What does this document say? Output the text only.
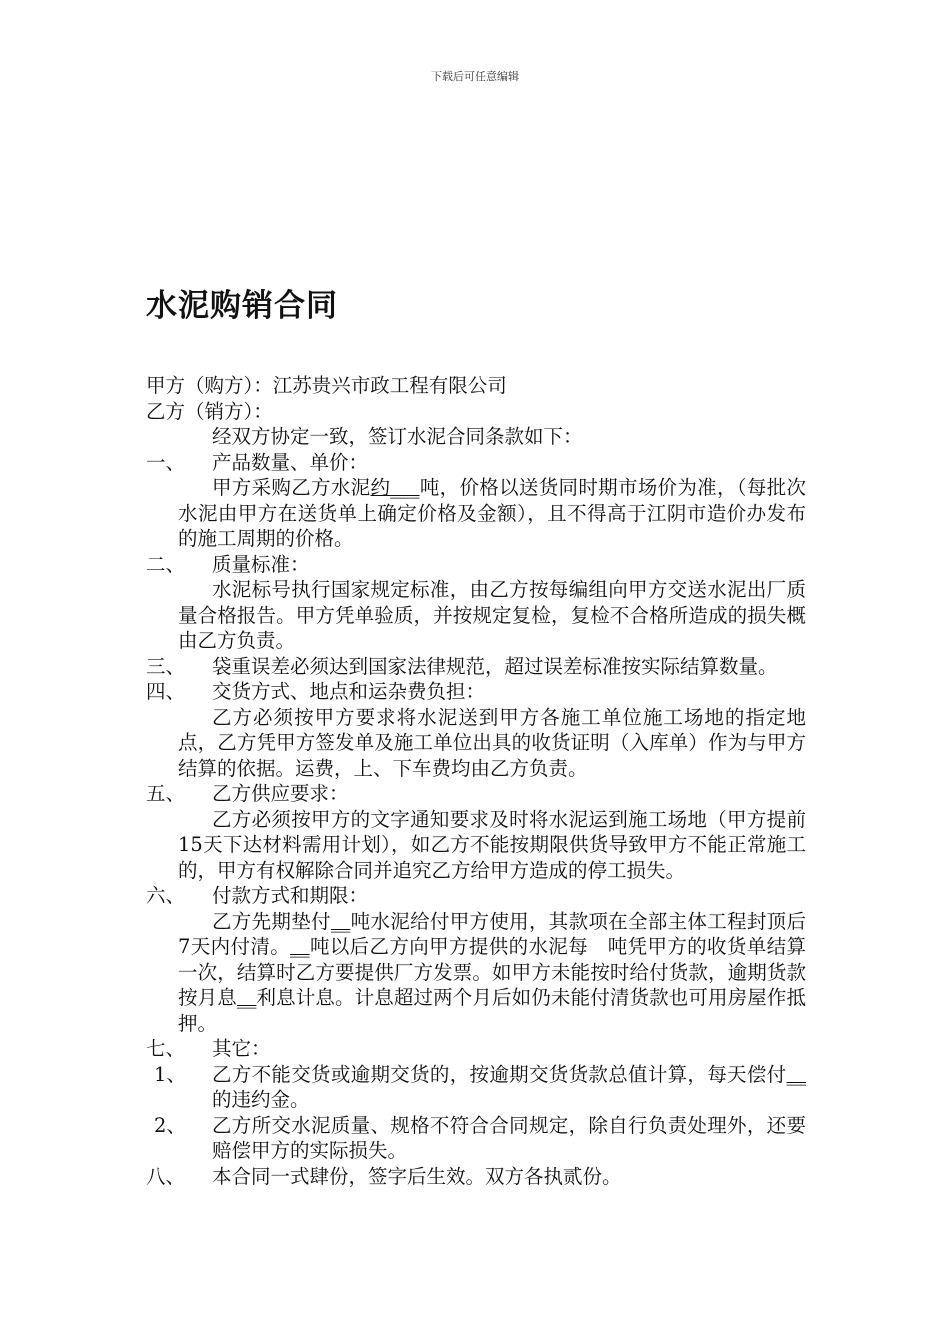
下载后可任意编辑
水泥购销合同

甲方（购方）：江苏贵兴市政工程有限公司

乙方（销方）：

经双方协定一致，签订水泥合同条款如下：

一、	产品数量、单价：

甲方采购乙方水泥约___吨，价格以送货同时期市场价为准，（每批次水泥由甲方在送货单上确定价格及金额），且不得高于江阴市造价办发布的施工周期的价格。

二、	质量标准：

水泥标号执行国家规定标准，由乙方按每编组向甲方交送水泥出厂质量合格报告。甲方凭单验质，并按规定复检，复检不合格所造成的损失概由乙方负责。

三、	袋重误差必须达到国家法律规范，超过误差标准按实际结算数量。
四、	交货方式、地点和运杂费负担：

乙方必须按甲方要求将水泥送到甲方各施工单位施工场地的指定地点，乙方凭甲方签发单及施工单位出具的收货证明（入库单）作为与甲方结算的依据。运费，上、下车费均由乙方负责。

五、	乙方供应要求：

乙方必须按甲方的文字通知要求及时将水泥运到施工场地（甲方提前15天下达材料需用计划），如乙方不能按期限供货导致甲方不能正常施工的，甲方有权解除合同并追究乙方给甲方造成的停工损失。

六、	付款方式和期限：

乙方先期垫付__吨水泥给付甲方使用，其款项在全部主体工程封顶后7天内付清。__吨以后乙方向甲方提供的水泥每   吨凭甲方的收货单结算一次，结算时乙方要提供厂方发票。如甲方未能按时给付货款，逾期货款按月息__利息计息。计息超过两个月后如仍未能付清货款也可用房屋作抵押。

七、	其它：
1、	乙方不能交货或逾期交货的，按逾期交货货款总值计算，每天偿付__的违约金。
2、	乙方所交水泥质量、规格不符合合同规定，除自行负责处理外，还要赔偿甲方的实际损失。
八、	本合同一式肆份，签字后生效。双方各执贰份。
